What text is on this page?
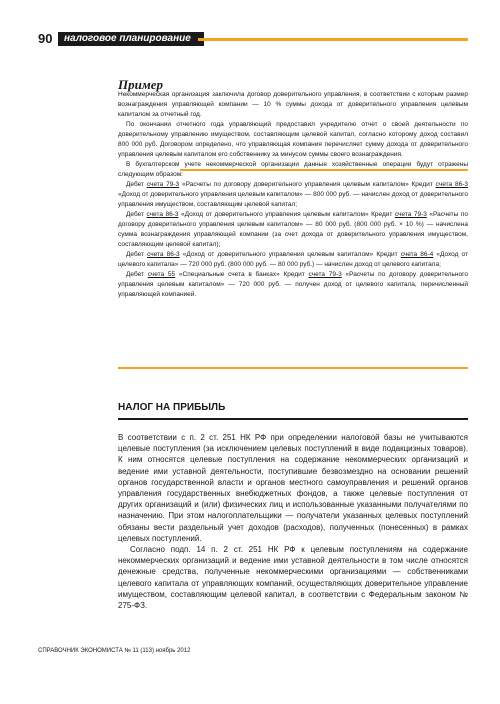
90	налоговое планирование
Пример

Некоммерческая организация заключила договор доверительного управления, в соответствии с которым размер вознаграждения управляющей компании — 10 % суммы дохода от доверительного управления целевым капиталом за отчетный год.

По окончании отчетного года управляющий предоставил учредителю отчет о своей деятельности по доверительному управлению имуществом, составляющим целевой капитал, согласно которому доход составил 800 000 руб. Договором определено, что управляющая компания перечисляет сумму дохода от доверительного управления целевым капиталом его собственнику за минусом суммы своего вознаграждения.

В бухгалтерском учете некоммерческой организации данные хозяйственные операции будут отражены следующим образом:

Дебет счета 79-3 «Расчеты по договору доверительного управления целевым капиталом» Кредит счета 86-3 «Доход от доверительного управления целевым капиталом» — 800 000 руб. — начислен доход от доверительного управления имуществом, составляющим целевой капитал;

Дебет счета 86-3 «Доход от доверительного управления целевым капиталом» Кредит счета 79-3 «Расчеты по договору доверительного управления целевым капиталом» — 80 000 руб. (800 000 руб. × 10 %) — начислена сумма вознаграждения управляющей компании (за счет дохода от доверительного управления имуществом, составляющим целевой капитал);

Дебет счета 86-3 «Доход от доверительного управления целевым капиталом» Кредит счета 86-4 «Доход от целевого капитала» — 720 000 руб. (800 000 руб. — 80 000 руб.) — начислен доход от целевого капитала;

Дебет счета 55 «Специальные счета в банках» Кредит счета 79-3 «Расчеты по договору доверительного управления целевым капиталом» — 720 000 руб. — получен доход от целевого капитала, перечисленный управляющей компанией.

НАЛОГ НА ПРИБЫЛЬ

В соответствии с п. 2 ст. 251 НК РФ при определении налоговой базы не учитываются целевые поступления (за исключением целевых поступлений в виде подакцизных товаров). К ним относятся целевые поступления на содержание некоммерческих организаций и ведение ими уставной деятельности, поступившие безвозмездно на основании решений органов государственной власти и органов местного самоуправления и решений органов управления государственных внебюджетных фондов, а также целевые поступления от других организаций и (или) физических лиц и использованные указанными получателями по назначению. При этом налогоплательщики — получатели указанных целевых поступлений обязаны вести раздельный учет доходов (расходов), полученных (понесенных) в рамках целевых поступлений.

Согласно подп. 14 п. 2 ст. 251 НК РФ к целевым поступлениям на содержание некоммерческих организаций и ведение ими уставной деятельности в том числе относятся денежные средства, полученные некоммерческими организациями — собственниками целевого капитала от управляющих компаний, осуществляющих доверительное управление имуществом, составляющим целевой капитал, в соответствии с Федеральным законом № 275-ФЗ.

СПРАВОЧНИК ЭКОНОМИСТА № 11 (113) ноябрь 2012
